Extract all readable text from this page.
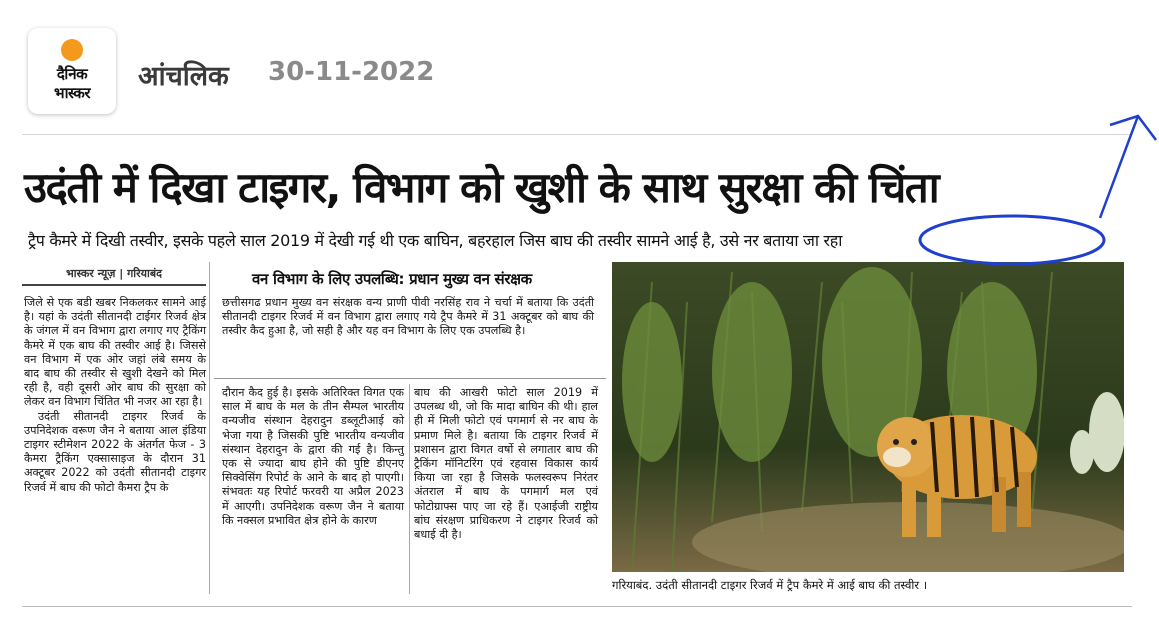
दैनिक
भास्कर
आंचलिक 30-11-2022
उदंती में दिखा टाइगर, विभाग को खुशी के साथ सुरक्षा की चिंता
ट्रैप कैमरे में दिखी तस्वीर, इसके पहले साल 2019 में देखी गई थी एक बाघिन, बहरहाल जिस बाघ की तस्वीर सामने आई है, उसे नर बताया जा रहा
भास्कर न्यूज़ | गरियाबंद

जिले से एक बडी खबर निकलकर सामने आई है। यहां के उदंती सीतानदी टाईगर रिजर्व क्षेत्र के जंगल में वन विभाग द्वारा लगाए गए ट्रैकिंग कैमरे में एक बाघ की तस्वीर आई है। जिससे वन विभाग में एक ओर जहां लंबे समय के बाद बाघ की तस्वीर से खुशी देखने को मिल रही है, वही दूसरी ओर बाघ की सुरक्षा को लेकर वन विभाग चिंतित भी नजर आ रहा है।

उदंती सीतानदी टाइगर रिजर्व के उपनिदेशक वरूण जैन ने बताया आल इंडिया टाइगर स्टीमेशन 2022 के अंतर्गत फेज - 3 कैमरा ट्रैकिंग एक्सासाइज के दौरान 31 अक्टूबर 2022 को उदंती सीतानदी टाइगर रिजर्व में बाघ की फोटो कैमरा ट्रैप के

वन विभाग के लिए उपलब्धि: प्रधान मुख्य वन संरक्षक
छत्तीसगढ प्रधान मुख्य वन संरक्षक वन्य प्राणी पीवी नरसिंह राव ने चर्चा में बताया कि उदंती सीतानदी टाइगर रिजर्व में वन विभाग द्वारा लगाए गये ट्रैप कैमरे में 31 अक्टूबर को बाघ की तस्वीर कैद हुआ है, जो सही है और यह वन विभाग के लिए एक उपलब्धि है।
दौरान कैद हुई है। इसके अतिरिक्त विगत एक साल में बाघ के मल के तीन सैम्पल भारतीय वन्यजीव संस्थान देहरादुन डब्लूटीआई को भेजा गया है जिसकी पुष्टि भारतीय वन्यजीव संस्थान देहरादुन के द्वारा की गई है। किन्तु एक से ज्यादा बाघ होने की पुष्टि डीएनए सिक्वेसिंग रिपोर्ट के आने के बाद हो पाएगी। संभवतः यह रिपोर्ट फरवरी या अप्रैल 2023 में आएगी। उपनिदेशक वरूण जैन ने बताया कि नक्सल प्रभावित क्षेत्र होने के कारण
बाघ की आखरी फोटो साल 2019 में उपलब्ध थी, जो कि मादा बाघिन की थी। हाल ही में मिली फोटो एवं पगमार्ग से नर बाघ के प्रमाण मिले है। बताया कि टाइगर रिजर्व में प्रशासन द्वारा विगत वर्षो से लगातार बाघ की ट्रैकिंग मॉनिटरिंग एवं रहवास विकास कार्य किया जा रहा है जिसके फलस्वरूप निरंतर अंतराल में बाघ के पगमार्ग मल एवं फोटोग्राफ्स पाए जा रहे हैं। एआईजी राष्ट्रीय बांघ संरक्षण प्राधिकरण ने टाइगर रिजर्व को बधाई दी है।
गरियाबंद. उदंती सीतानदी टाइगर रिजर्व में ट्रैप कैमरे में आई बाघ की तस्वीर ।
